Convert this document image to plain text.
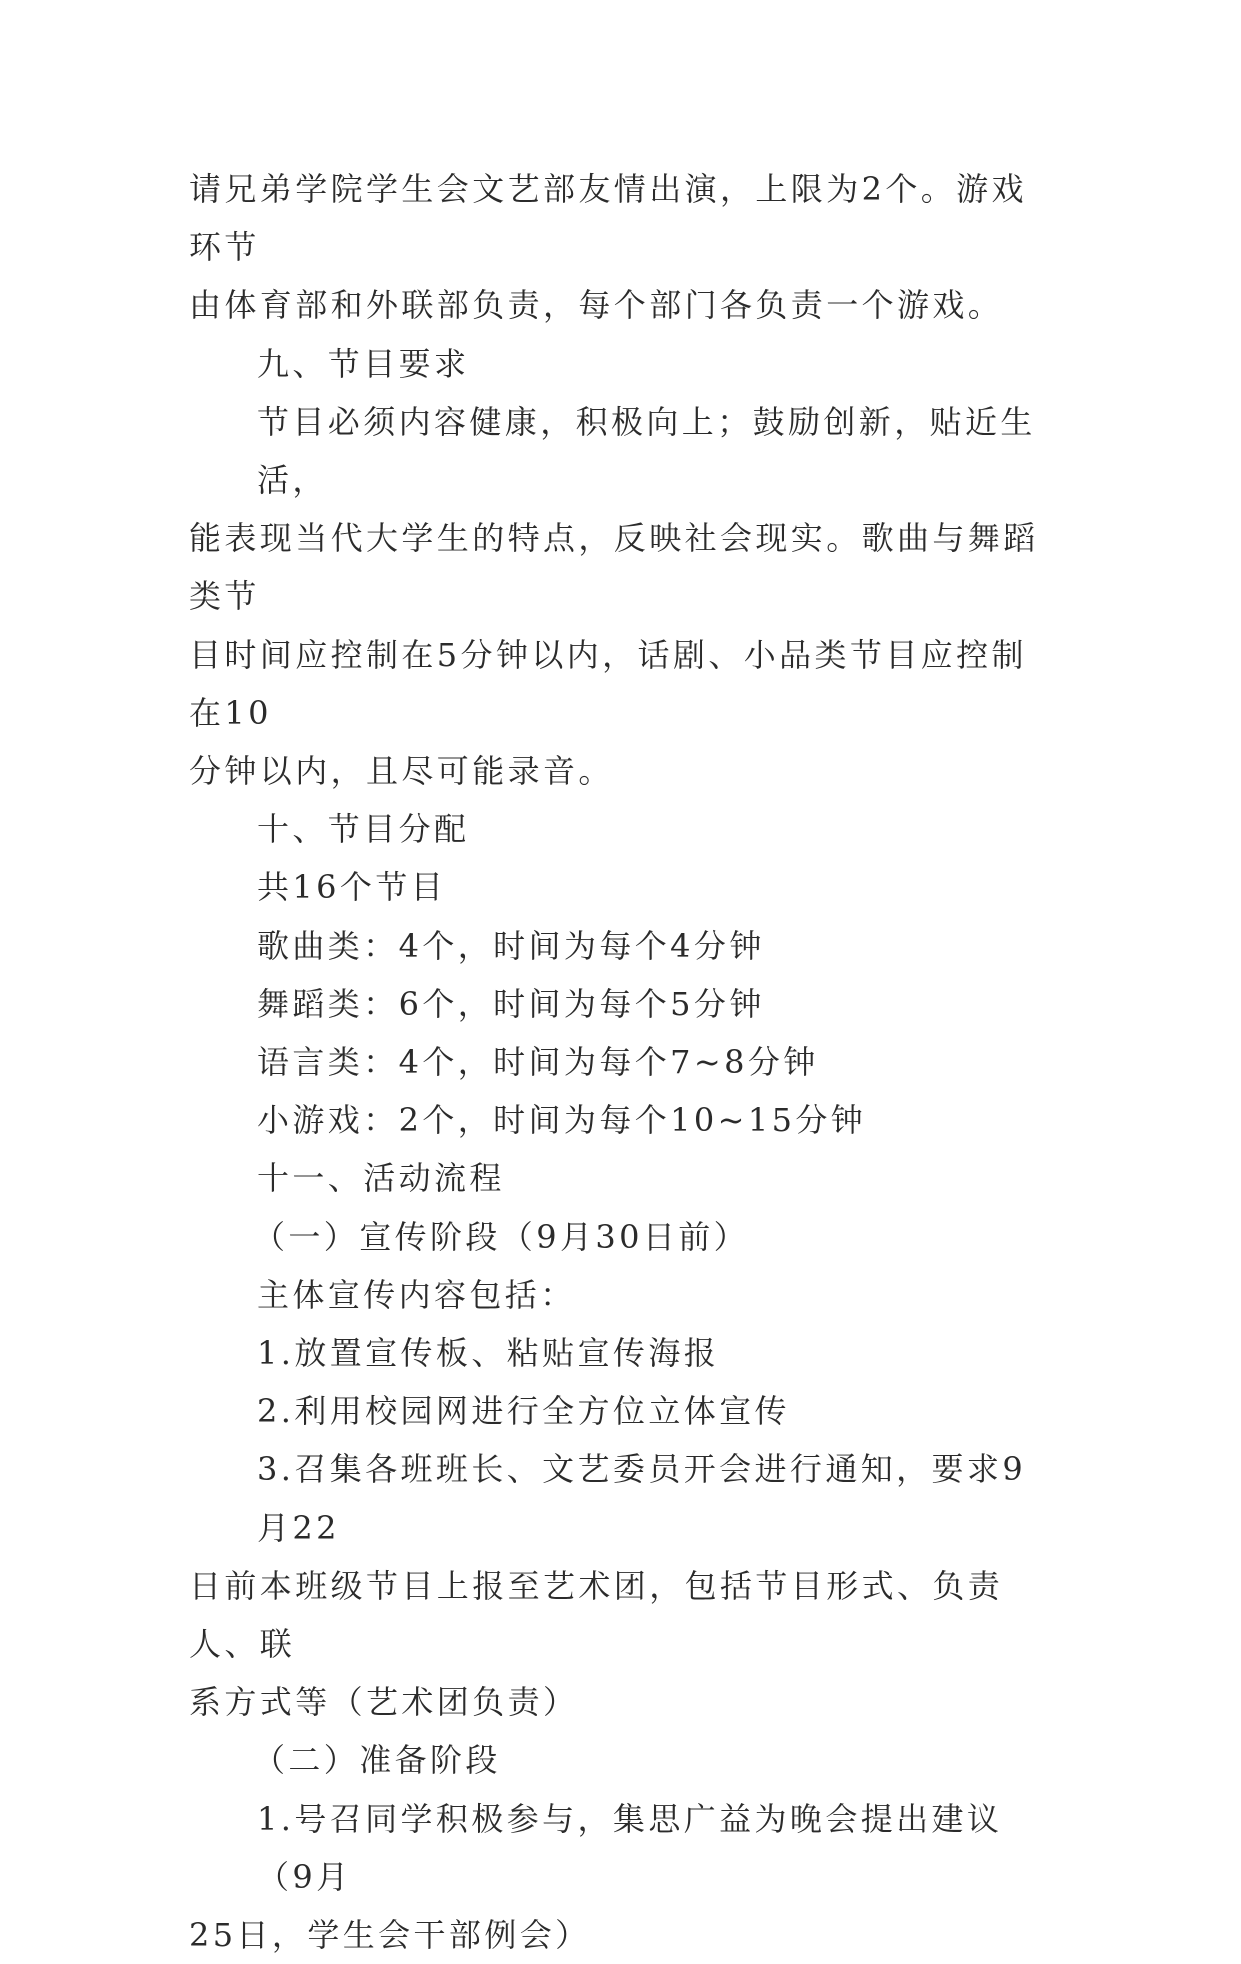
请兄弟学院学生会文艺部友情出演，上限为2个。游戏环节

由体育部和外联部负责，每个部门各负责一个游戏。

九、节目要求

节目必须内容健康，积极向上；鼓励创新，贴近生活，

能表现当代大学生的特点，反映社会现实。歌曲与舞蹈类节

目时间应控制在5分钟以内，话剧、小品类节目应控制在10

分钟以内，且尽可能录音。

十、节目分配

共16个节目

歌曲类：4个，时间为每个4分钟

舞蹈类：6个，时间为每个5分钟

语言类：4个，时间为每个7~8分钟

小游戏：2个，时间为每个10~15分钟

十一、活动流程

（一）宣传阶段（9月30日前）

主体宣传内容包括：

1.放置宣传板、粘贴宣传海报

2.利用校园网进行全方位立体宣传

3.召集各班班长、文艺委员开会进行通知，要求9月22

日前本班级节目上报至艺术团，包括节目形式、负责人、联

系方式等（艺术团负责）

（二）准备阶段

1.号召同学积极参与，集思广益为晚会提出建议（9月

25日，学生会干部例会）
